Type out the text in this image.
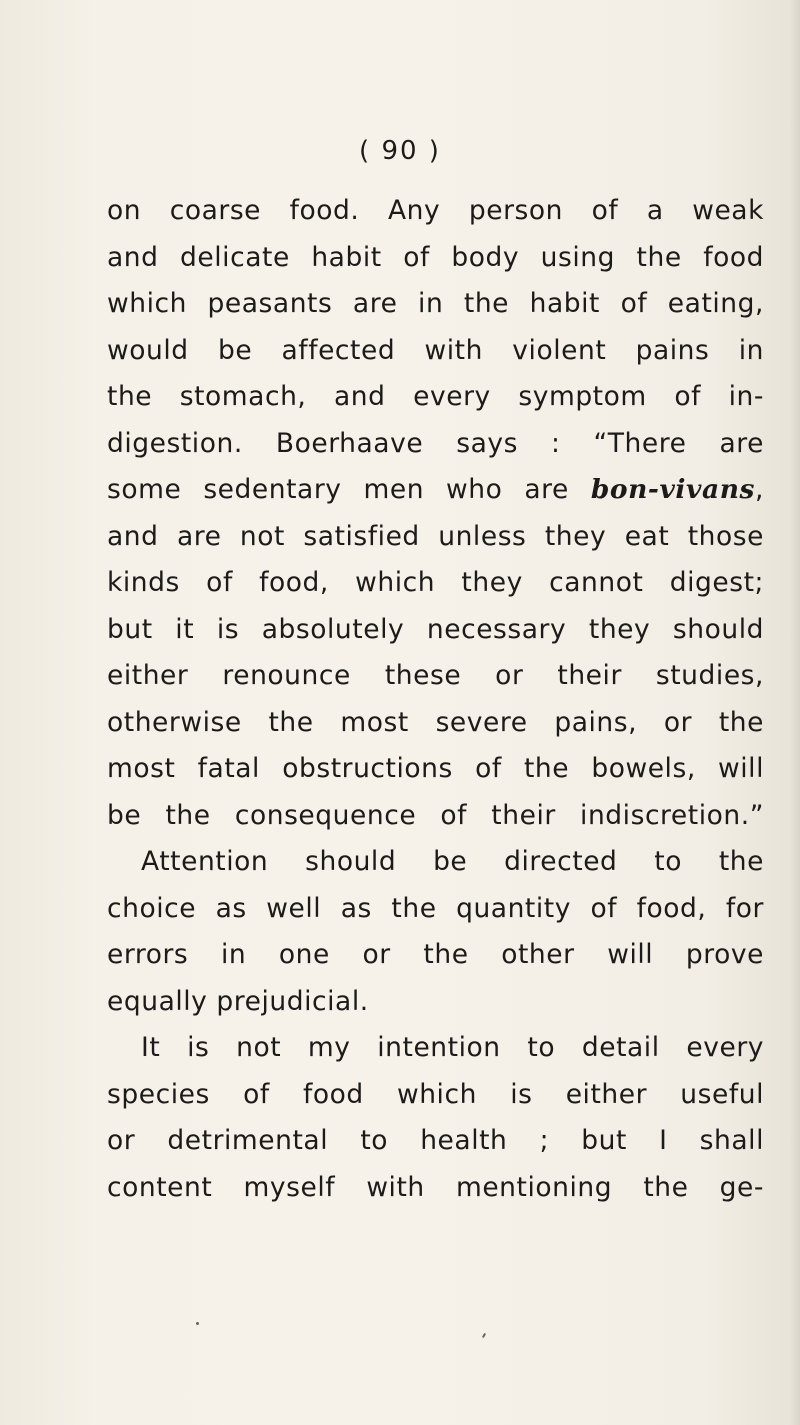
( 90 )
on coarse food. Any person of a weak
and delicate habit of body using the food
which peasants are in the habit of eating,
would be affected with violent pains in
the stomach, and every symptom of in-
digestion. Boerhaave says : “There are
some sedentary men who are bon-vivans,
and are not satisfied unless they eat those
kinds of food, which they cannot digest;
but it is absolutely necessary they should
either renounce these or their studies,
otherwise the most severe pains, or the
most fatal obstructions of the bowels, will
be the consequence of their indiscretion.”
Attention should be directed to the
choice as well as the quantity of food, for
errors in one or the other will prove
equally prejudicial.
It is not my intention to detail every
species of food which is either useful
or detrimental to health ; but I shall
content myself with mentioning the ge-
